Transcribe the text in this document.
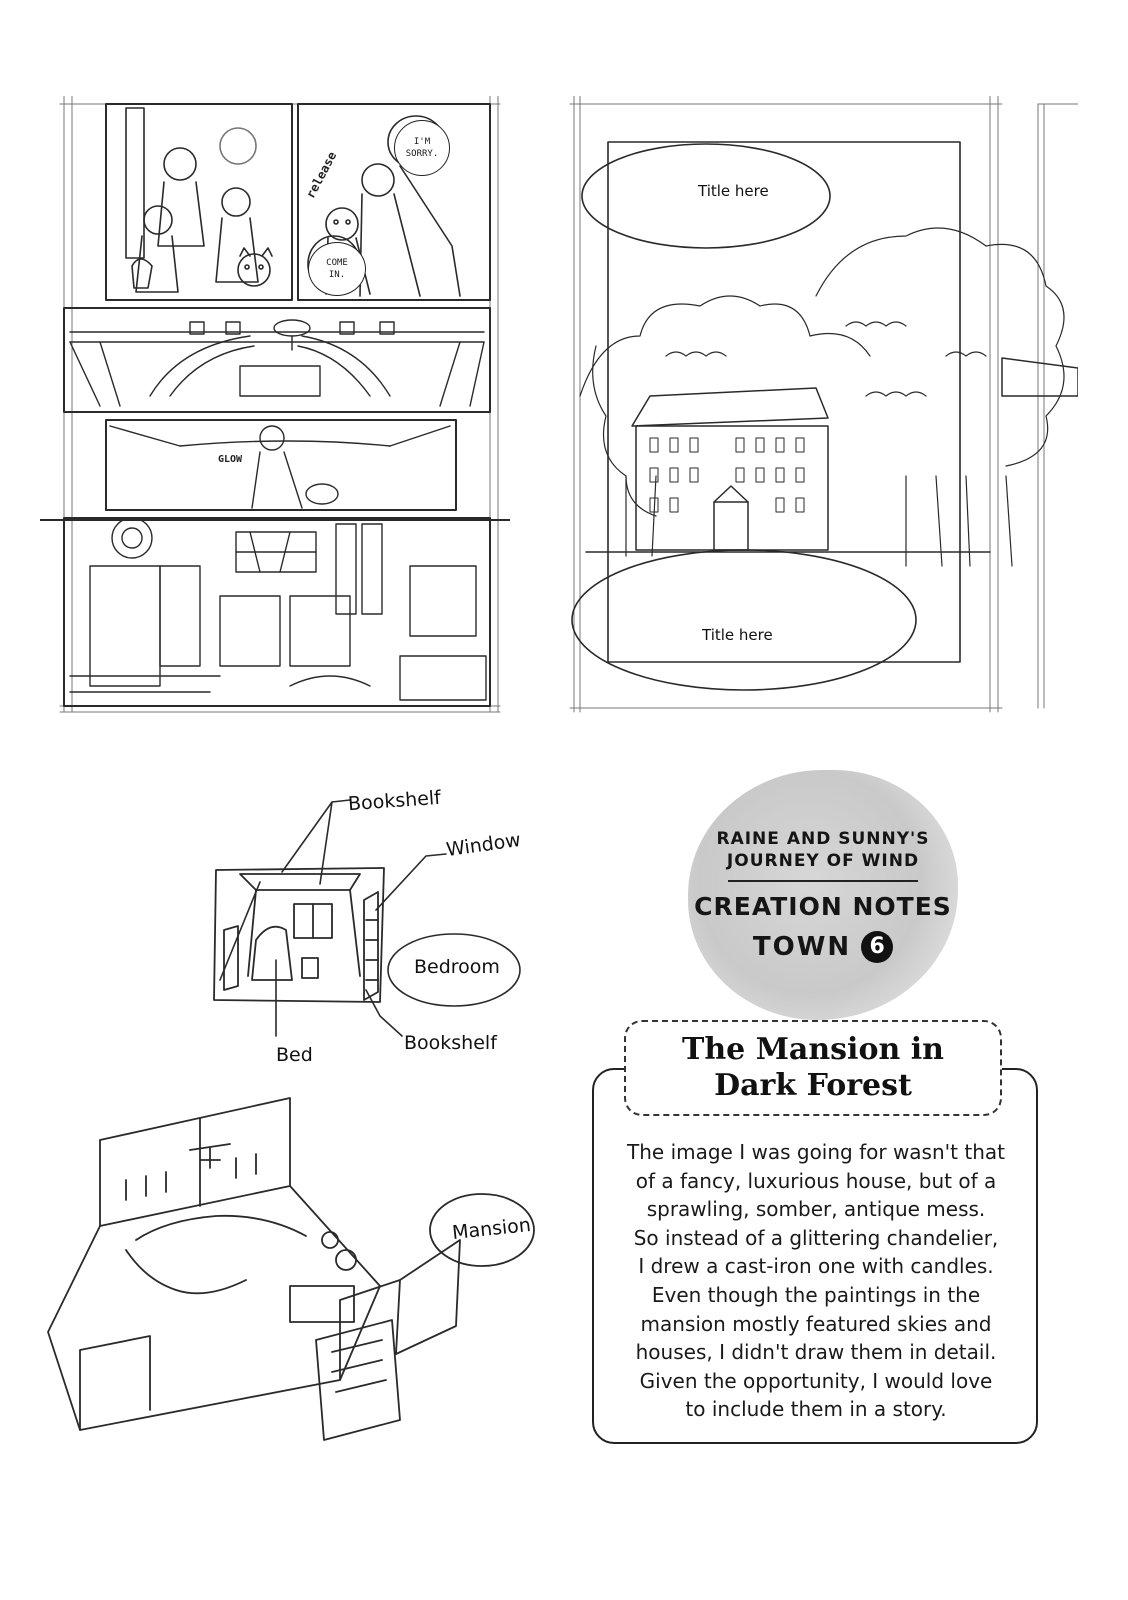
I'M SORRY.
COME IN.
release
GLOW
Title here
Title here
Bookshelf
Window
Bedroom
Bed
Bookshelf
Mansion
RAINE AND SUNNY'S
JOURNEY OF WIND
CREATION NOTES
TOWN 6
The Mansion in
Dark Forest
The image I was going for wasn't that
of a fancy, luxurious house, but of a
sprawling, somber, antique mess.
So instead of a glittering chandelier,
I drew a cast-iron one with candles.
Even though the paintings in the
mansion mostly featured skies and
houses, I didn't draw them in detail.
Given the opportunity, I would love
to include them in a story.
